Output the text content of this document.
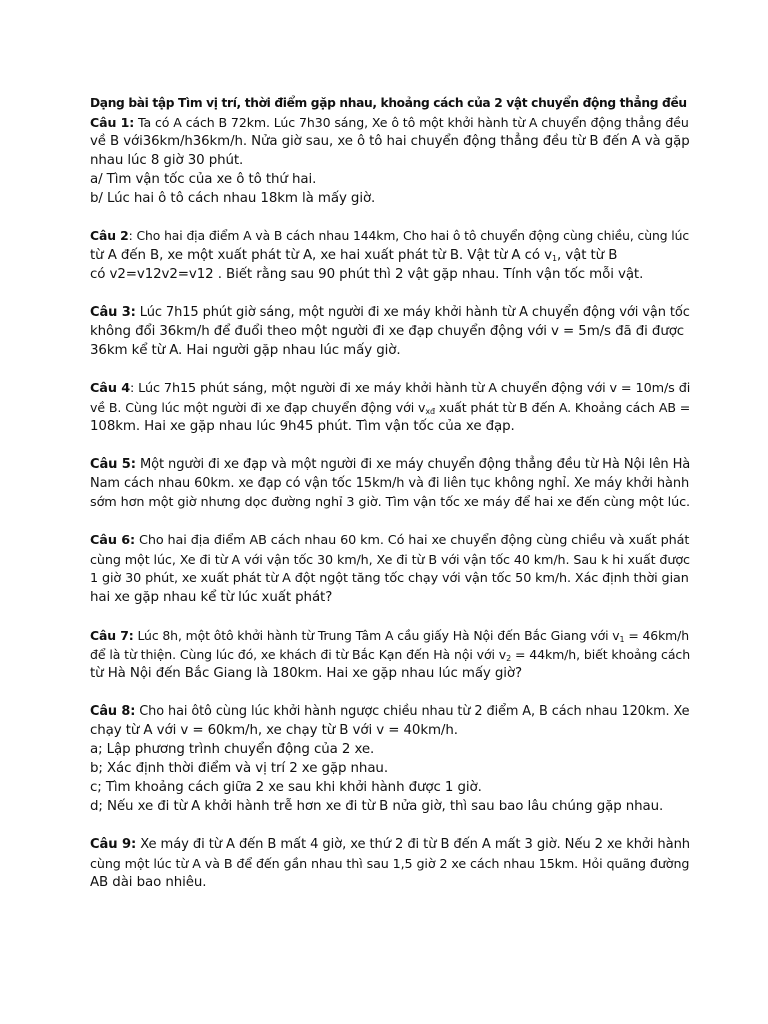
Dạng bài tập Tìm vị trí, thời điểm gặp nhau, khoảng cách của 2 vật chuyển động thẳng đều

Câu 1: Ta có A cách B 72km. Lúc 7h30 sáng, Xe ô tô một khởi hành từ A chuyển động thẳng đều
về B với36km/h36km/h. Nửa giờ sau, xe ô tô hai chuyển động thẳng đều từ B đến A và gặp
nhau lúc 8 giờ 30 phút.
a/ Tìm vận tốc của xe ô tô thứ hai.
b/ Lúc hai ô tô cách nhau 18km là mấy giờ.
Câu 2: Cho hai địa điểm A và B cách nhau 144km, Cho hai ô tô chuyển động cùng chiều, cùng lúc
từ A đến B, xe một xuất phát từ A, xe hai xuất phát từ B. Vật từ A có $v_1$, vật từ B
có v2=v12v2=v12 . Biết rằng sau 90 phút thì 2 vật gặp nhau. Tính vận tốc mỗi vật.
Câu 3: Lúc 7h15 phút giờ sáng, một người đi xe máy khởi hành từ A chuyển động với vận tốc
không đổi 36km/h để đuổi theo một người đi xe đạp chuyển động với v = 5m/s đã đi được
36km kể từ A. Hai người gặp nhau lúc mấy giờ.
Câu 4: Lúc 7h15 phút sáng, một người đi xe máy khởi hành từ A chuyển động với v = 10m/s đi
về B. Cùng lúc một người đi xe đạp chuyển động với $v_{xđ}$ xuất phát từ B đến A. Khoảng cách AB =
108km. Hai xe gặp nhau lúc 9h45 phút. Tìm vận tốc của xe đạp.
Câu 5: Một người đi xe đạp và một người đi xe máy chuyển động thẳng đều từ Hà Nội lên Hà
Nam cách nhau 60km. xe đạp có vận tốc 15km/h và đi liên tục không nghỉ. Xe máy khởi hành
sớm hơn một giờ nhưng dọc đường nghỉ 3 giờ. Tìm vận tốc xe máy để hai xe đến cùng một lúc.
Câu 6: Cho hai địa điểm AB cách nhau 60 km. Có hai xe chuyển động cùng chiều và xuất phát
cùng một lúc, Xe đi từ A với vận tốc 30 km/h, Xe đi từ B với vận tốc 40 km/h. Sau k hi xuất được
1 giờ 30 phút, xe xuất phát từ A đột ngột tăng tốc chạy với vận tốc 50 km/h. Xác định thời gian
hai xe gặp nhau kể từ lúc xuất phát?
Câu 7: Lúc 8h, một ôtô khởi hành từ Trung Tâm A cầu giấy Hà Nội đến Bắc Giang với $v_1 = 46km/h$
để là từ thiện. Cùng lúc đó, xe khách đi từ Bắc Kạn đến Hà nội với $v_2 = 44km/h$, biết khoảng cách
từ Hà Nội đến Bắc Giang là 180km. Hai xe gặp nhau lúc mấy giờ?
Câu 8: Cho hai ôtô cùng lúc khởi hành ngược chiều nhau từ 2 điểm A, B cách nhau 120km. Xe
chạy từ A với v = 60km/h, xe chạy từ B với v = 40km/h.
a; Lập phương trình chuyển động của 2 xe.
b; Xác định thời điểm và vị trí 2 xe gặp nhau.
c; Tìm khoảng cách giữa 2 xe sau khi khởi hành được 1 giờ.
d; Nếu xe đi từ A khởi hành trễ hơn xe đi từ B nửa giờ, thì sau bao lâu chúng gặp nhau.
Câu 9: Xe máy đi từ A đến B mất 4 giờ, xe thứ 2 đi từ B đến A mất 3 giờ. Nếu 2 xe khởi hành
cùng một lúc từ A và B để đến gần nhau thì sau 1,5 giờ 2 xe cách nhau 15km. Hỏi quãng đường
AB dài bao nhiêu.
